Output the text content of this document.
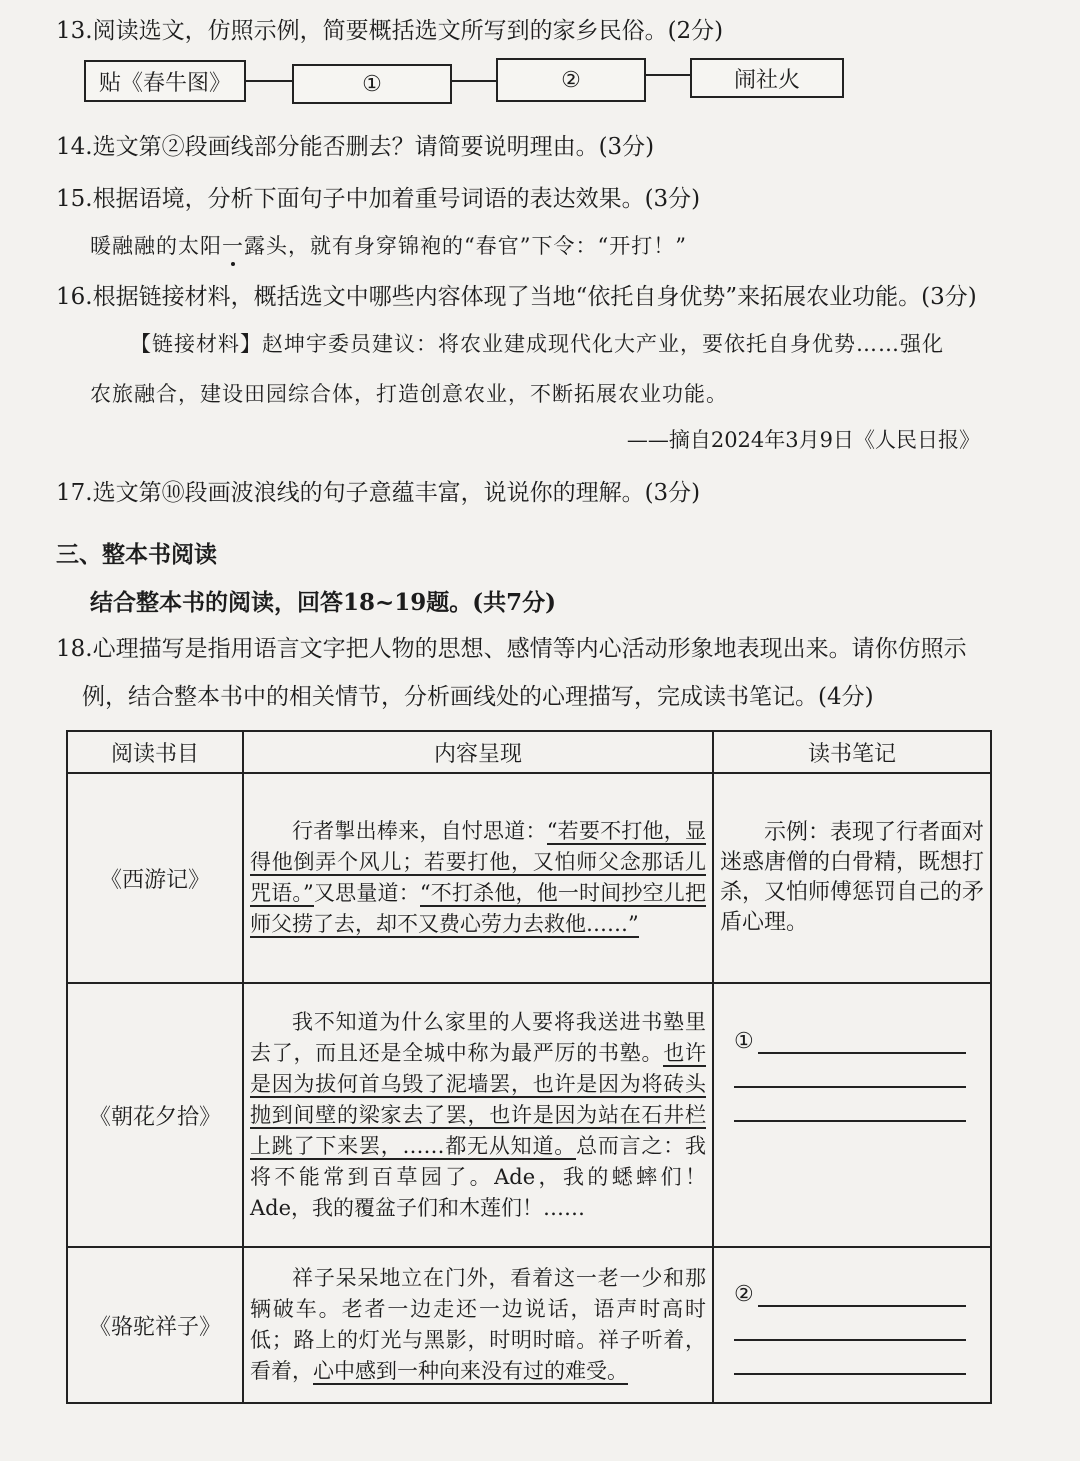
13.阅读选文，仿照示例，简要概括选文所写到的家乡民俗。(2分)
贴《春牛图》	①	②	闹社火
14.选文第②段画线部分能否删去？请简要说明理由。(3分)
15.根据语境，分析下面句子中加着重号词语的表达效果。(3分)
暖融融的太阳一露头，就有身穿锦袍的“春官”下令：“开打！”
16.根据链接材料，概括选文中哪些内容体现了当地“依托自身优势”来拓展农业功能。(3分)
【链接材料】赵坤宇委员建议：将农业建成现代化大产业，要依托自身优势……强化
农旅融合，建设田园综合体，打造创意农业，不断拓展农业功能。
——摘自2024年3月9日《人民日报》
17.选文第⑩段画波浪线的句子意蕴丰富，说说你的理解。(3分)
三、整本书阅读
结合整本书的阅读，回答18~19题。(共7分)
18.心理描写是指用语言文字把人物的思想、感情等内心活动形象地表现出来。请你仿照示
例，结合整本书中的相关情节，分析画线处的心理描写，完成读书笔记。(4分)
阅读书目	内容呈现	读书笔记
《西游记》	行者掣出棒来，自忖思道：“若要不打他，显得他倒弄个风儿；若要打他，又怕师父念那话儿咒语。”又思量道：“不打杀他，他一时间抄空儿把师父捞了去，却不又费心劳力去救他……”	示例：表现了行者面对迷惑唐僧的白骨精，既想打杀，又怕师傅惩罚自己的矛盾心理。

《朝花夕拾》	我不知道为什么家里的人要将我送进书塾里去了，而且还是全城中称为最严厉的书塾。也许是因为拔何首乌毁了泥墙罢，也许是因为将砖头抛到间壁的梁家去了罢，也许是因为站在石井栏上跳了下来罢，……都无从知道。总而言之：我将不能常到百草园了。Ade，我的蟋蟀们！Ade，我的覆盆子们和木莲们！……	①

《骆驼祥子》	祥子呆呆地立在门外，看着这一老一少和那辆破车。老者一边走还一边说话，语声时高时低；路上的灯光与黑影，时明时暗。祥子听着，看着，心中感到一种向来没有过的难受。	②
